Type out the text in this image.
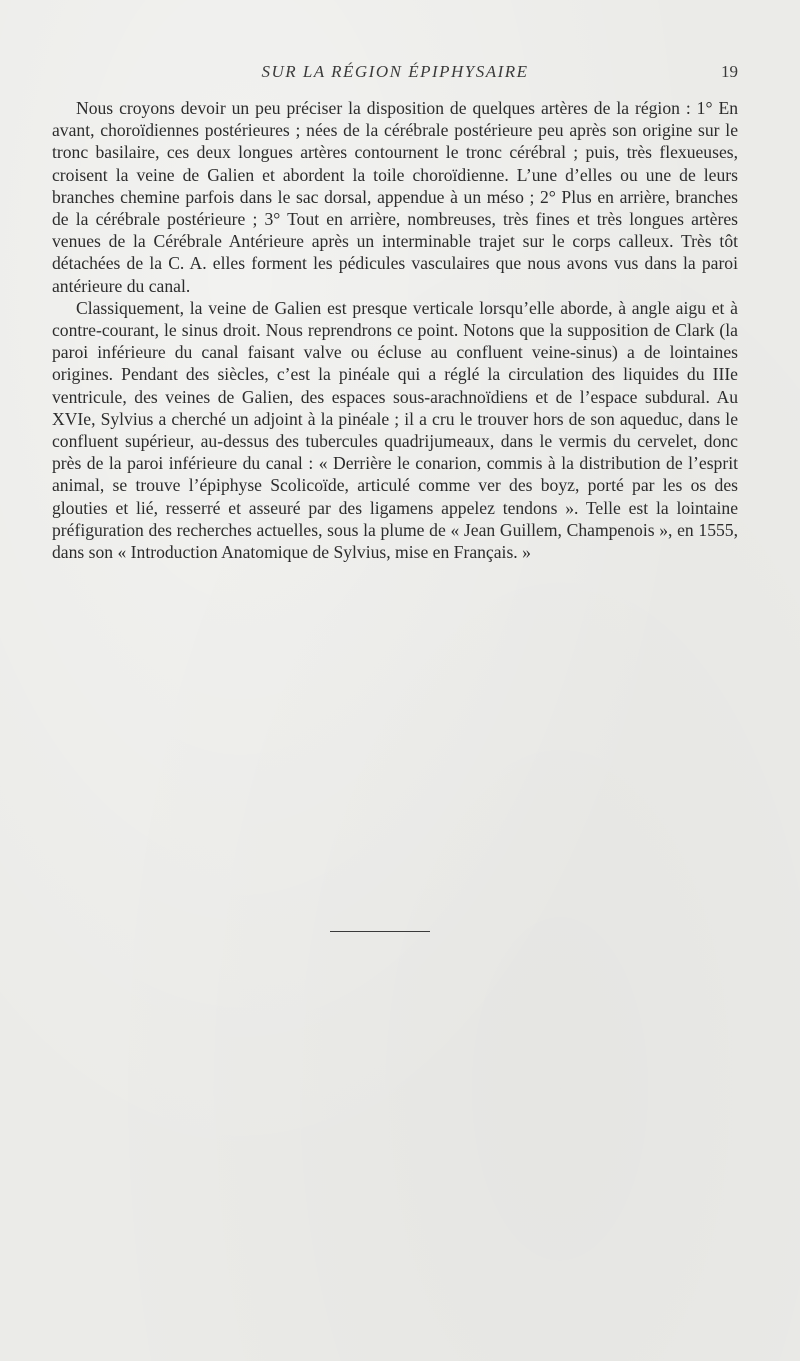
SUR LA RÉGION ÉPIPHYSAIRE	19

Nous croyons devoir un peu préciser la disposition de quelques artères de la région : 1° En avant, choroïdiennes postérieures ; nées de la cérébrale postérieure peu après son origine sur le tronc basilaire, ces deux longues artères contournent le tronc cérébral ; puis, très flexueuses, croisent la veine de Galien et abordent la toile choroïdienne. L’une d’elles ou une de leurs branches chemine parfois dans le sac dorsal, appendue à un méso ; 2° Plus en arrière, branches de la cérébrale postérieure ; 3° Tout en arrière, nombreuses, très fines et très longues artères venues de la Cérébrale Antérieure après un interminable trajet sur le corps calleux. Très tôt détachées de la C. A. elles forment les pédicules vasculaires que nous avons vus dans la paroi antérieure du canal.

Classiquement, la veine de Galien est presque verticale lorsqu’elle aborde, à angle aigu et à contre-courant, le sinus droit. Nous reprendrons ce point. Notons que la supposition de Clark (la paroi inférieure du canal faisant valve ou écluse au confluent veine-sinus) a de lointaines origines. Pendant des siècles, c’est la pinéale qui a réglé la circulation des liquides du IIIe ventricule, des veines de Galien, des espaces sous-arachnoïdiens et de l’espace subdural. Au XVIe, Sylvius a cherché un adjoint à la pinéale ; il a cru le trouver hors de son aqueduc, dans le confluent supérieur, au-dessus des tubercules quadrijumeaux, dans le vermis du cervelet, donc près de la paroi inférieure du canal : « Derrière le conarion, commis à la distribution de l’esprit animal, se trouve l’épiphyse Scolicoïde, articulé comme ver des boyz, porté par les os des glouties et lié, resserré et asseuré par des ligamens appelez tendons ». Telle est la lointaine préfiguration des recherches actuelles, sous la plume de « Jean Guillem, Champenois », en 1555, dans son « Introduction Anatomique de Sylvius, mise en Français. »
